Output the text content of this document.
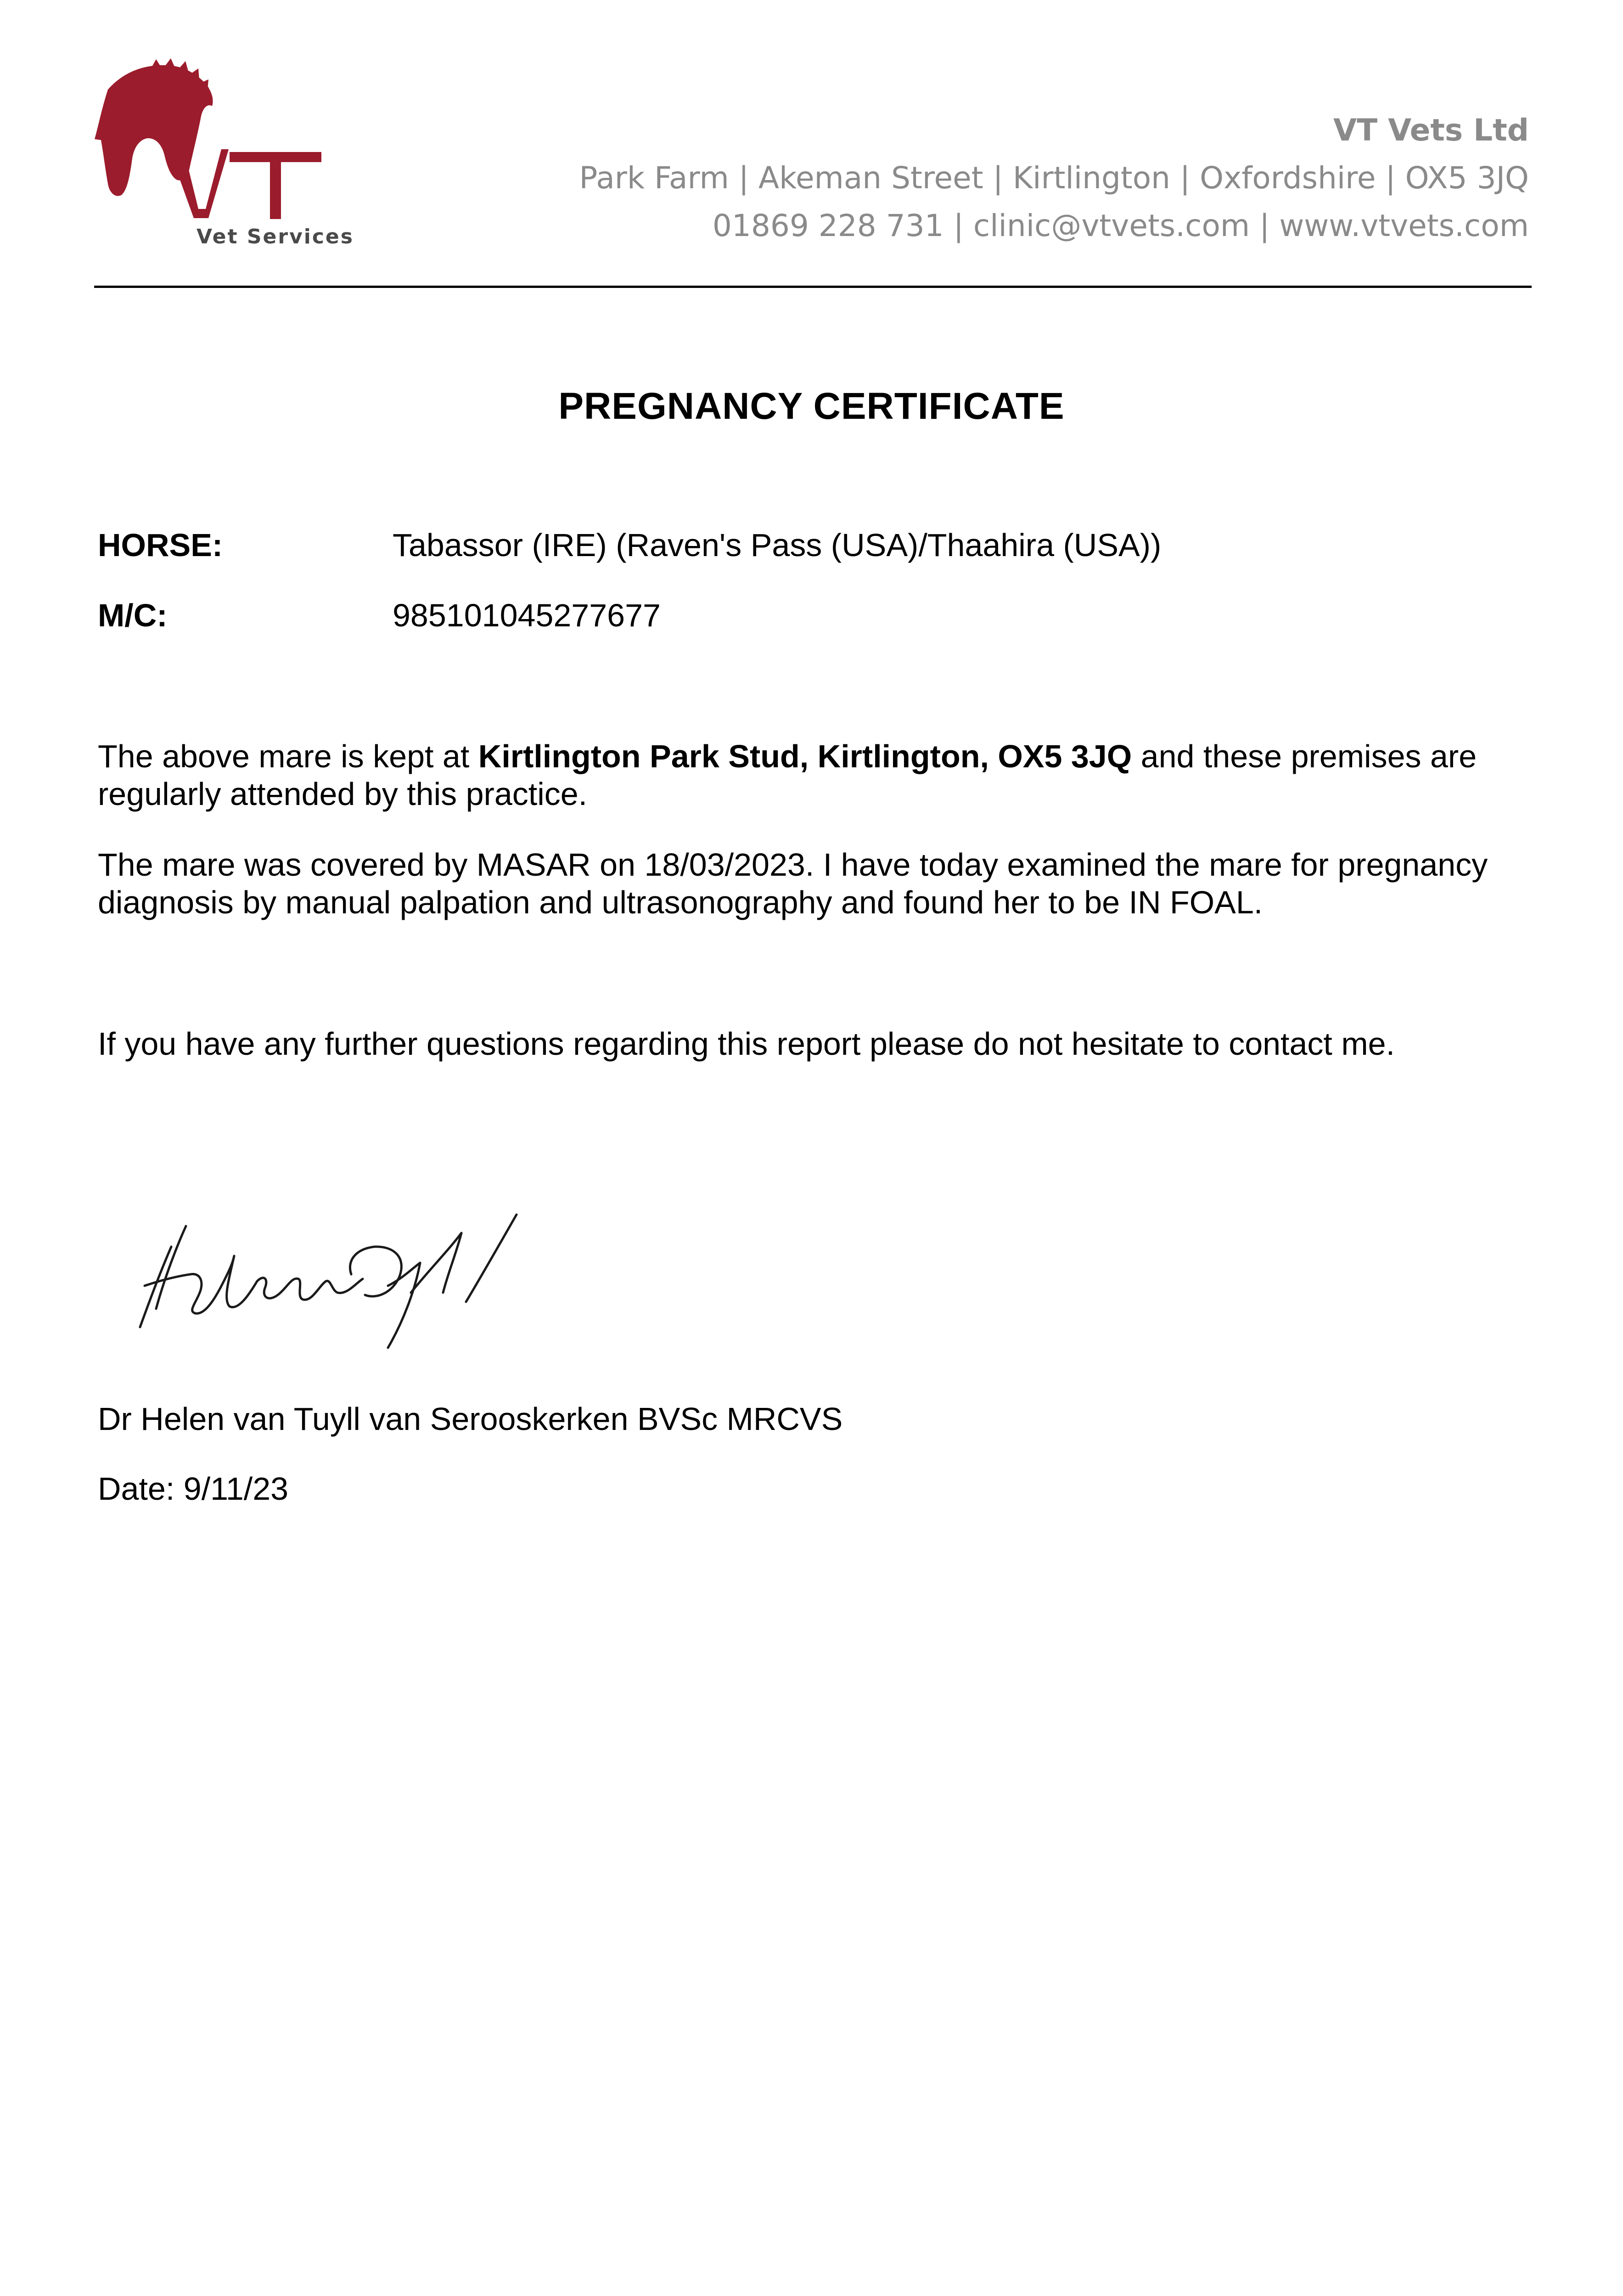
Vet Services
VT Vets Ltd
Park Farm | Akeman Street | Kirtlington | Oxfordshire | OX5 3JQ
01869 228 731 | clinic@vtvets.com | www.vtvets.com
PREGNANCY CERTIFICATE
HORSE:	Tabassor (IRE) (Raven's Pass (USA)/Thaahira (USA))
M/C:	985101045277677
The above mare is kept at Kirtlington Park Stud, Kirtlington, OX5 3JQ and these premises are regularly attended by this practice.
The mare was covered by MASAR on 18/03/2023. I have today examined the mare for pregnancy diagnosis by manual palpation and ultrasonography and found her to be IN FOAL.
If you have any further questions regarding this report please do not hesitate to contact me.
Dr Helen van Tuyll van Serooskerken BVSc MRCVS
Date: 9/11/23
